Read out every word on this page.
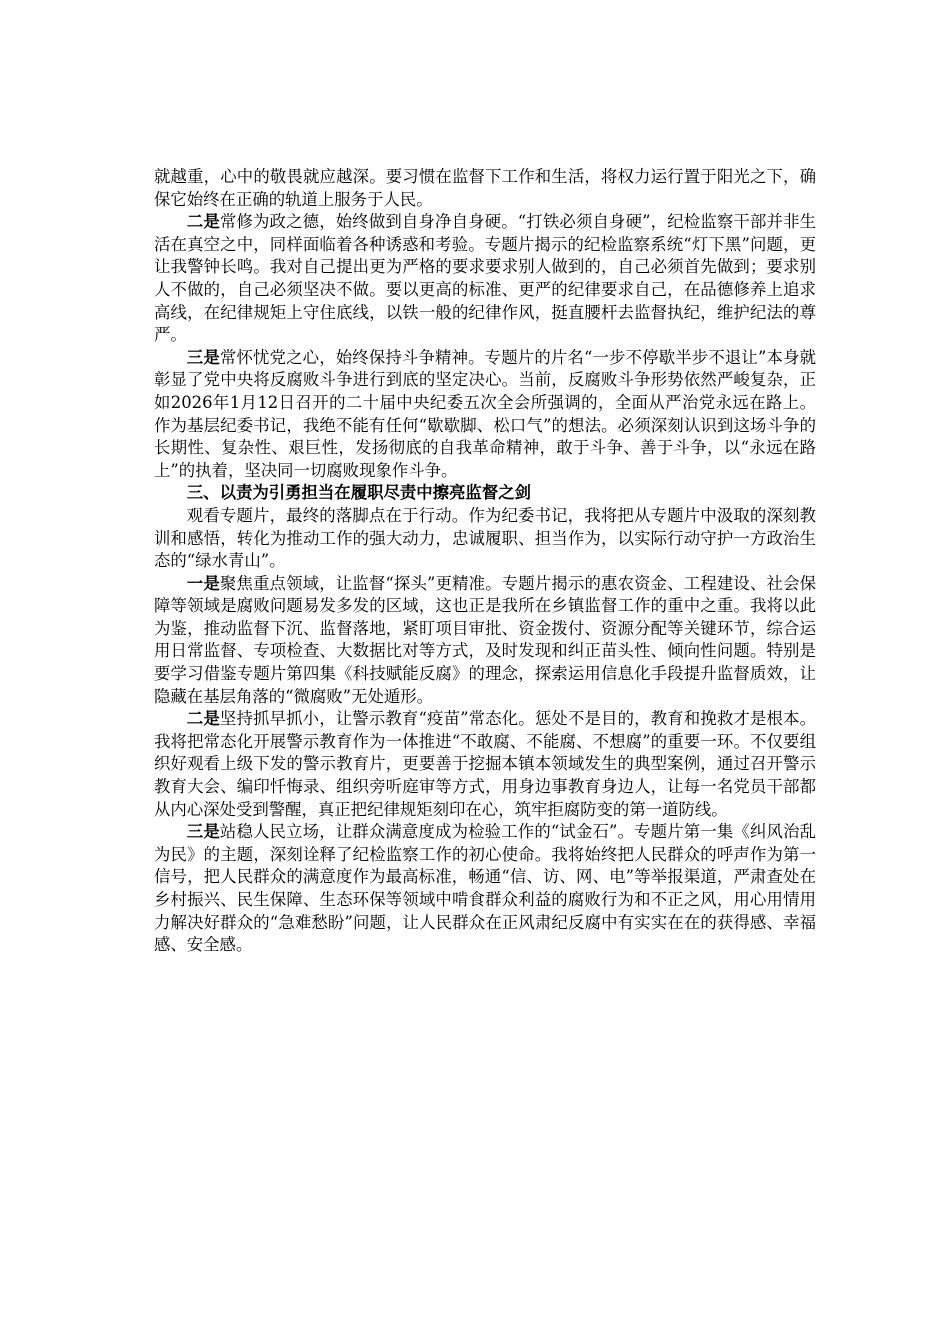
就越重，心中的敬畏就应越深。要习惯在监督下工作和生活，将权力运行置于阳光之下，确保它始终在正确的轨道上服务于人民。

二是常修为政之德，始终做到自身净自身硬。“打铁必须自身硬”，纪检监察干部并非生活在真空之中，同样面临着各种诱惑和考验。专题片揭示的纪检监察系统“灯下黑”问题，更让我警钟长鸣。我对自己提出更为严格的要求要求别人做到的，自己必须首先做到；要求别人不做的，自己必须坚决不做。要以更高的标准、更严的纪律要求自己，在品德修养上追求高线，在纪律规矩上守住底线，以铁一般的纪律作风，挺直腰杆去监督执纪，维护纪法的尊严。

三是常怀忧党之心，始终保持斗争精神。专题片的片名“一步不停歇半步不退让”本身就彰显了党中央将反腐败斗争进行到底的坚定决心。当前，反腐败斗争形势依然严峻复杂，正如2026年1月12日召开的二十届中央纪委五次全会所强调的，全面从严治党永远在路上。作为基层纪委书记，我绝不能有任何“歇歇脚、松口气”的想法。必须深刻认识到这场斗争的长期性、复杂性、艰巨性，发扬彻底的自我革命精神，敢于斗争、善于斗争，以“永远在路上”的执着，坚决同一切腐败现象作斗争。

三、以责为引勇担当在履职尽责中擦亮监督之剑

观看专题片，最终的落脚点在于行动。作为纪委书记，我将把从专题片中汲取的深刻教训和感悟，转化为推动工作的强大动力，忠诚履职、担当作为，以实际行动守护一方政治生态的“绿水青山”。

一是聚焦重点领域，让监督“探头”更精准。专题片揭示的惠农资金、工程建设、社会保障等领域是腐败问题易发多发的区域，这也正是我所在乡镇监督工作的重中之重。我将以此为鉴，推动监督下沉、监督落地，紧盯项目审批、资金拨付、资源分配等关键环节，综合运用日常监督、专项检查、大数据比对等方式，及时发现和纠正苗头性、倾向性问题。特别是要学习借鉴专题片第四集《科技赋能反腐》的理念，探索运用信息化手段提升监督质效，让隐藏在基层角落的“微腐败”无处遁形。

二是坚持抓早抓小，让警示教育“疫苗”常态化。惩处不是目的，教育和挽救才是根本。我将把常态化开展警示教育作为一体推进“不敢腐、不能腐、不想腐”的重要一环。不仅要组织好观看上级下发的警示教育片，更要善于挖掘本镇本领域发生的典型案例，通过召开警示教育大会、编印忏悔录、组织旁听庭审等方式，用身边事教育身边人，让每一名党员干部都从内心深处受到警醒，真正把纪律规矩刻印在心，筑牢拒腐防变的第一道防线。

三是站稳人民立场，让群众满意度成为检验工作的“试金石”。专题片第一集《纠风治乱为民》的主题，深刻诠释了纪检监察工作的初心使命。我将始终把人民群众的呼声作为第一信号，把人民群众的满意度作为最高标准，畅通“信、访、网、电”等举报渠道，严肃查处在乡村振兴、民生保障、生态环保等领域中啃食群众利益的腐败行为和不正之风，用心用情用力解决好群众的“急难愁盼”问题，让人民群众在正风肃纪反腐中有实实在在的获得感、幸福感、安全感。
